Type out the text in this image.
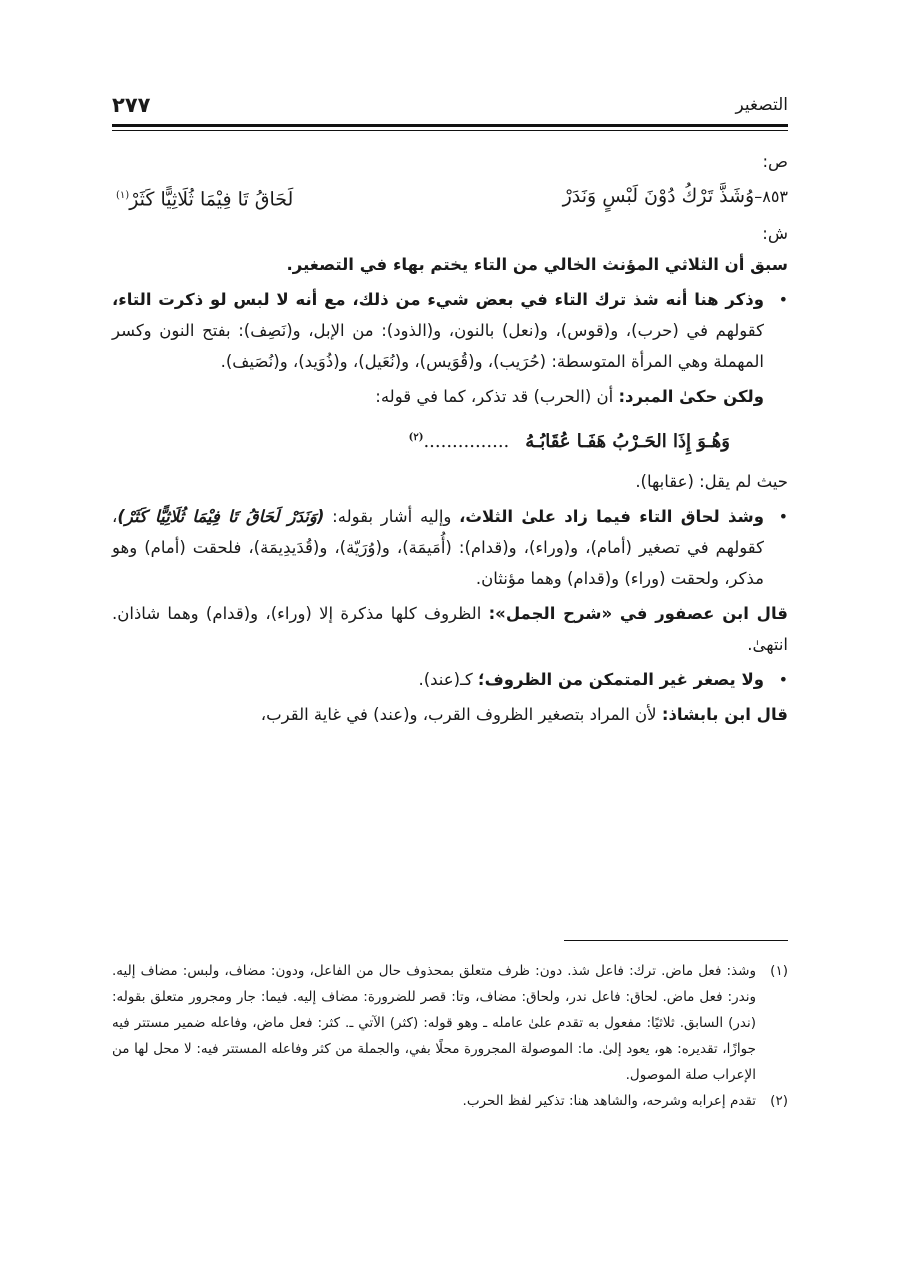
٢٧٧	التصغير

ص:

٨٥٣–وُشَذَّ تَرْكُ دُوْنَ لَبْسٍ وَنَدَرْ
لَحَاقُ تَا فِيْمَا ثُلَاثِيًّا كَثَرْ$^{(١)}$

ش:

سبق أن الثلاثي المؤنث الخالي من التاء يختم بهاء في التصغير.

• وذكر هنا أنه شذ ترك التاء في بعض شيء من ذلك، مع أنه لا لبس لو ذكرت التاء، كقولهم في (حرب)، و(قوس)، و(نعل) بالنون، و(الذود): من الإبل، و(نَصِف): بفتح النون وكسر المهملة وهي المرأة المتوسطة: (حُرَيب)، و(قُوَيس)، و(نُعَيل)، و(ذُوَيد)، و(نُصَيف).

ولكن حكىٰ المبرد: أن (الحرب) قد تذكر، كما في قوله:

وَهُـوَ إِذَا الحَـرْبُ هَفَـا عُقَابُـهُ...............$^{(٢)}$

حيث لم يقل: (عقابها).

• وشذ لحاق التاء فيما زاد علىٰ الثلاث، وإليه أشار بقوله: (وَنَدَرْ لَحَاقُ تَا فِيْمَا ثُلَاثِيًّا كَثَرْ)، كقولهم في تصغير (أمام)، و(وراء)، و(قدام): (أُمَيمَة)، و(وُرَيّة)، و(قُدَيدِيمَة)، فلحقت (أمام) وهو مذكر، ولحقت (وراء) و(قدام) وهما مؤنثان.

قال ابن عصفور في «شرح الجمل»: الظروف كلها مذكرة إلا (وراء)، و(قدام) وهما شاذان. انتهىٰ.

• ولا يصغر غير المتمكن من الظروف؛ كـ(عند).

قال ابن بابشاذ: لأن المراد بتصغير الظروف القرب، و(عند) في غاية القرب،

(١)
وشذ: فعل ماض. ترك: فاعل شذ. دون: ظرف متعلق بمحذوف حال من الفاعل، ودون: مضاف، ولبس: مضاف إليه. وندر: فعل ماض. لحاق: فاعل ندر، ولحاق: مضاف، وتا: قصر للضرورة: مضاف إليه. فيما: جار ومجرور متعلق بقوله: (ندر) السابق. ثلاثيًا: مفعول به تقدم علىٰ عامله ـ وهو قوله: (كثر) الآتي ـ. كثر: فعل ماض، وفاعله ضمير مستتر فيه جوازًا، تقديره: هو، يعود إلىٰ. ما: الموصولة المجرورة محلًا بفي، والجملة من كثر وفاعله المستتر فيه: لا محل لها من الإعراب صلة الموصول.

(٢)
تقدم إعرابه وشرحه، والشاهد هنا: تذكير لفظ الحرب.
